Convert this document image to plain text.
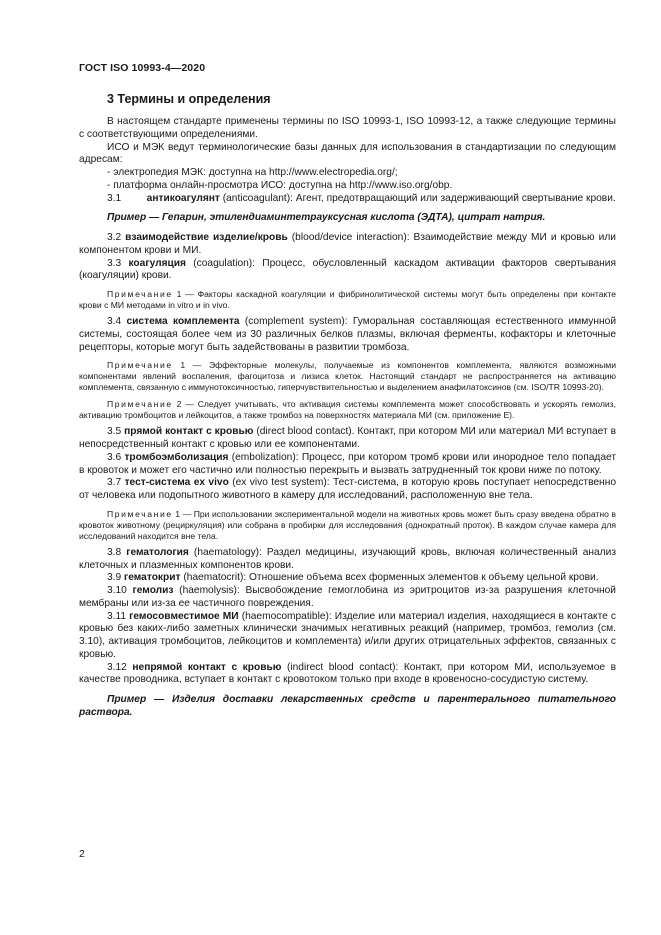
ГОСТ ISO 10993-4—2020
3 Термины и определения

В настоящем стандарте применены термины по ISO 10993-1, ISO 10993-12, а также следующие термины с соответствующими определениями.

ИСО и МЭК ведут терминологические базы данных для использования в стандартизации по следующим адресам:

- электропедия МЭК: доступна на http://www.electropedia.org/;

- платформа онлайн-просмотра ИСО: доступна на http://www.iso.org/obp.

3.1 антикоагулянт (anticoagulant): Агент, предотвращающий или задерживающий свертывание крови.

Пример — Гепарин, этилендиаминтетрауксусная кислота (ЭДТА), цитрат натрия.

3.2 взаимодействие изделие/кровь (blood/device interaction): Взаимодействие между МИ и кровью или компонентом крови и МИ.

3.3 коагуляция (coagulation): Процесс, обусловленный каскадом активации факторов свертывания (коагуляции) крови.

Примечание 1 — Факторы каскадной коагуляции и фибринолитической системы могут быть определены при контакте крови с МИ методами in vitro и in vivo.

3.4 система комплемента (complement system): Гуморальная составляющая естественного иммунной системы, состоящая более чем из 30 различных белков плазмы, включая ферменты, кофакторы и клеточные рецепторы, которые могут быть задействованы в развитии тромбоза.

Примечание 1 — Эффекторные молекулы, получаемые из компонентов комплемента, являются возможными компонентами явлений воспаления, фагоцитоза и лизиса клеток. Настоящий стандарт не распространяется на активацию комплемента, связанную с иммунотоксичностью, гиперчувствительностью и выделением анафилатоксинов (см. ISO/TR 10993-20).

Примечание 2 — Следует учитывать, что активация системы комплемента может способствовать и ускорять гемолиз, активацию тромбоцитов и лейкоцитов, а также тромбоз на поверхностях материала МИ (см. приложение Е).

3.5 прямой контакт с кровью (direct blood contact). Контакт, при котором МИ или материал МИ вступает в непосредственный контакт с кровью или ее компонентами.

3.6 тромбоэмболизация (embolization): Процесс, при котором тромб крови или инородное тело попадает в кровоток и может его частично или полностью перекрыть и вызвать затрудненный ток крови ниже по потоку.

3.7 тест-система ex vivo (ex vivo test system): Тест-система, в которую кровь поступает непосредственно от человека или подопытного животного в камеру для исследований, расположенную вне тела.

Примечание 1 — При использовании экспериментальной модели на животных кровь может быть сразу введена обратно в кровоток животному (рециркуляция) или собрана в пробирки для исследования (однократный проток). В каждом случае камера для исследований находится вне тела.

3.8 гематология (haematology): Раздел медицины, изучающий кровь, включая количественный анализ клеточных и плазменных компонентов крови.

3.9 гематокрит (haematocrit): Отношение объема всех форменных элементов к объему цельной крови.

3.10 гемолиз (haemolysis): Высвобождение гемоглобина из эритроцитов из-за разрушения клеточной мембраны или из-за ее частичного повреждения.

3.11 гемосовместимое МИ (haemocompatible): Изделие или материал изделия, находящиеся в контакте с кровью без каких-либо заметных клинически значимых негативных реакций (например, тромбоз, гемолиз (см. 3.10), активация тромбоцитов, лейкоцитов и комплемента) и/или других отрицательных эффектов, связанных с кровью.

3.12 непрямой контакт с кровью (indirect blood contact): Контакт, при котором МИ, используемое в качестве проводника, вступает в контакт с кровотоком только при входе в кровеносно-сосудистую систему.

Пример — Изделия доставки лекарственных средств и парентерального питательного раствора.

2
